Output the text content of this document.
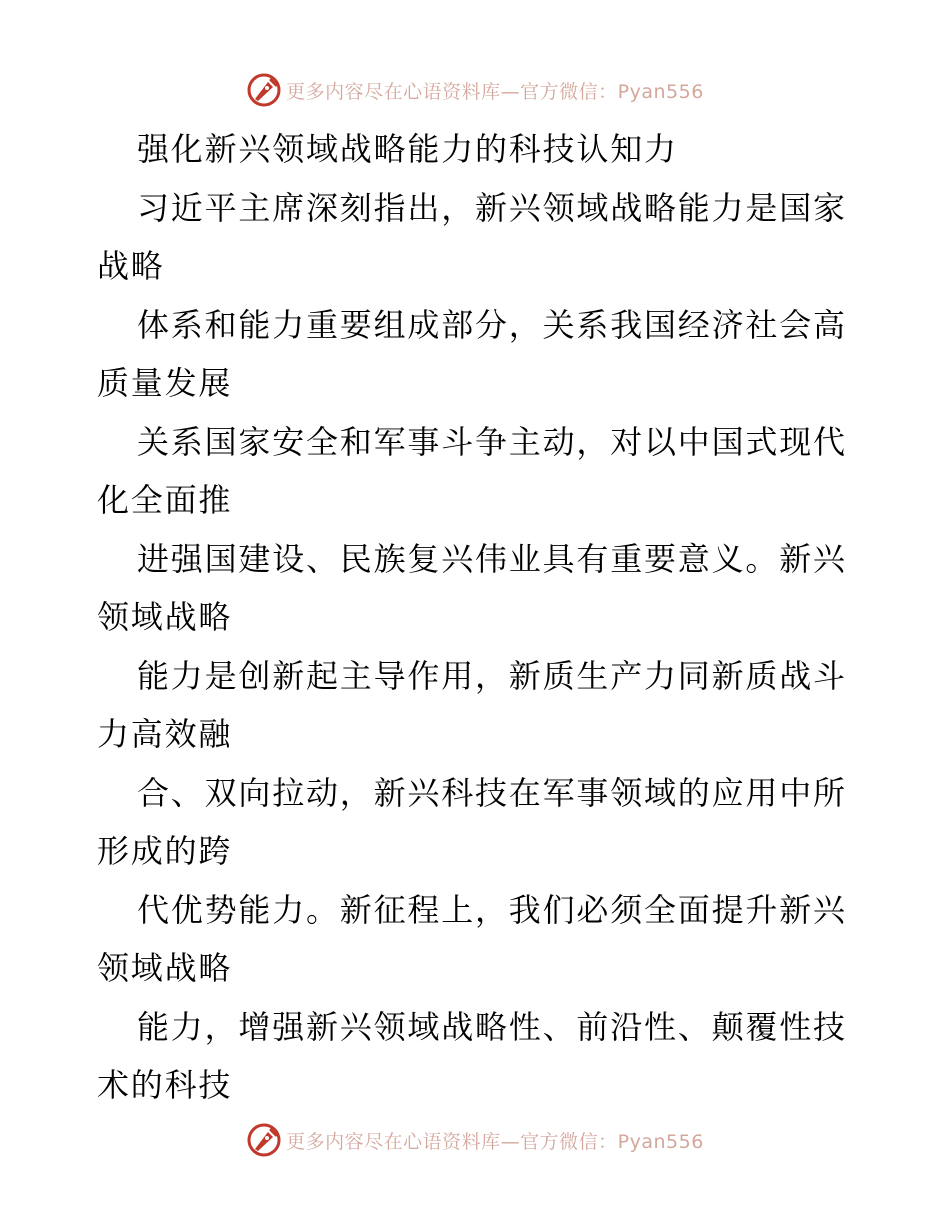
更多内容尽在心语资料库—官方微信：Pyan556
强化新兴领域战略能力的科技认知力
习近平主席深刻指出，新兴领域战略能力是国家
战略
体系和能力重要组成部分，关系我国经济社会高
质量发展
关系国家安全和军事斗争主动，对以中国式现代
化全面推
进强国建设、民族复兴伟业具有重要意义。新兴
领域战略
能力是创新起主导作用，新质生产力同新质战斗
力高效融
合、双向拉动，新兴科技在军事领域的应用中所
形成的跨
代优势能力。新征程上，我们必须全面提升新兴
领域战略
能力，增强新兴领域战略性、前沿性、颠覆性技
术的科技
更多内容尽在心语资料库—官方微信：Pyan556
